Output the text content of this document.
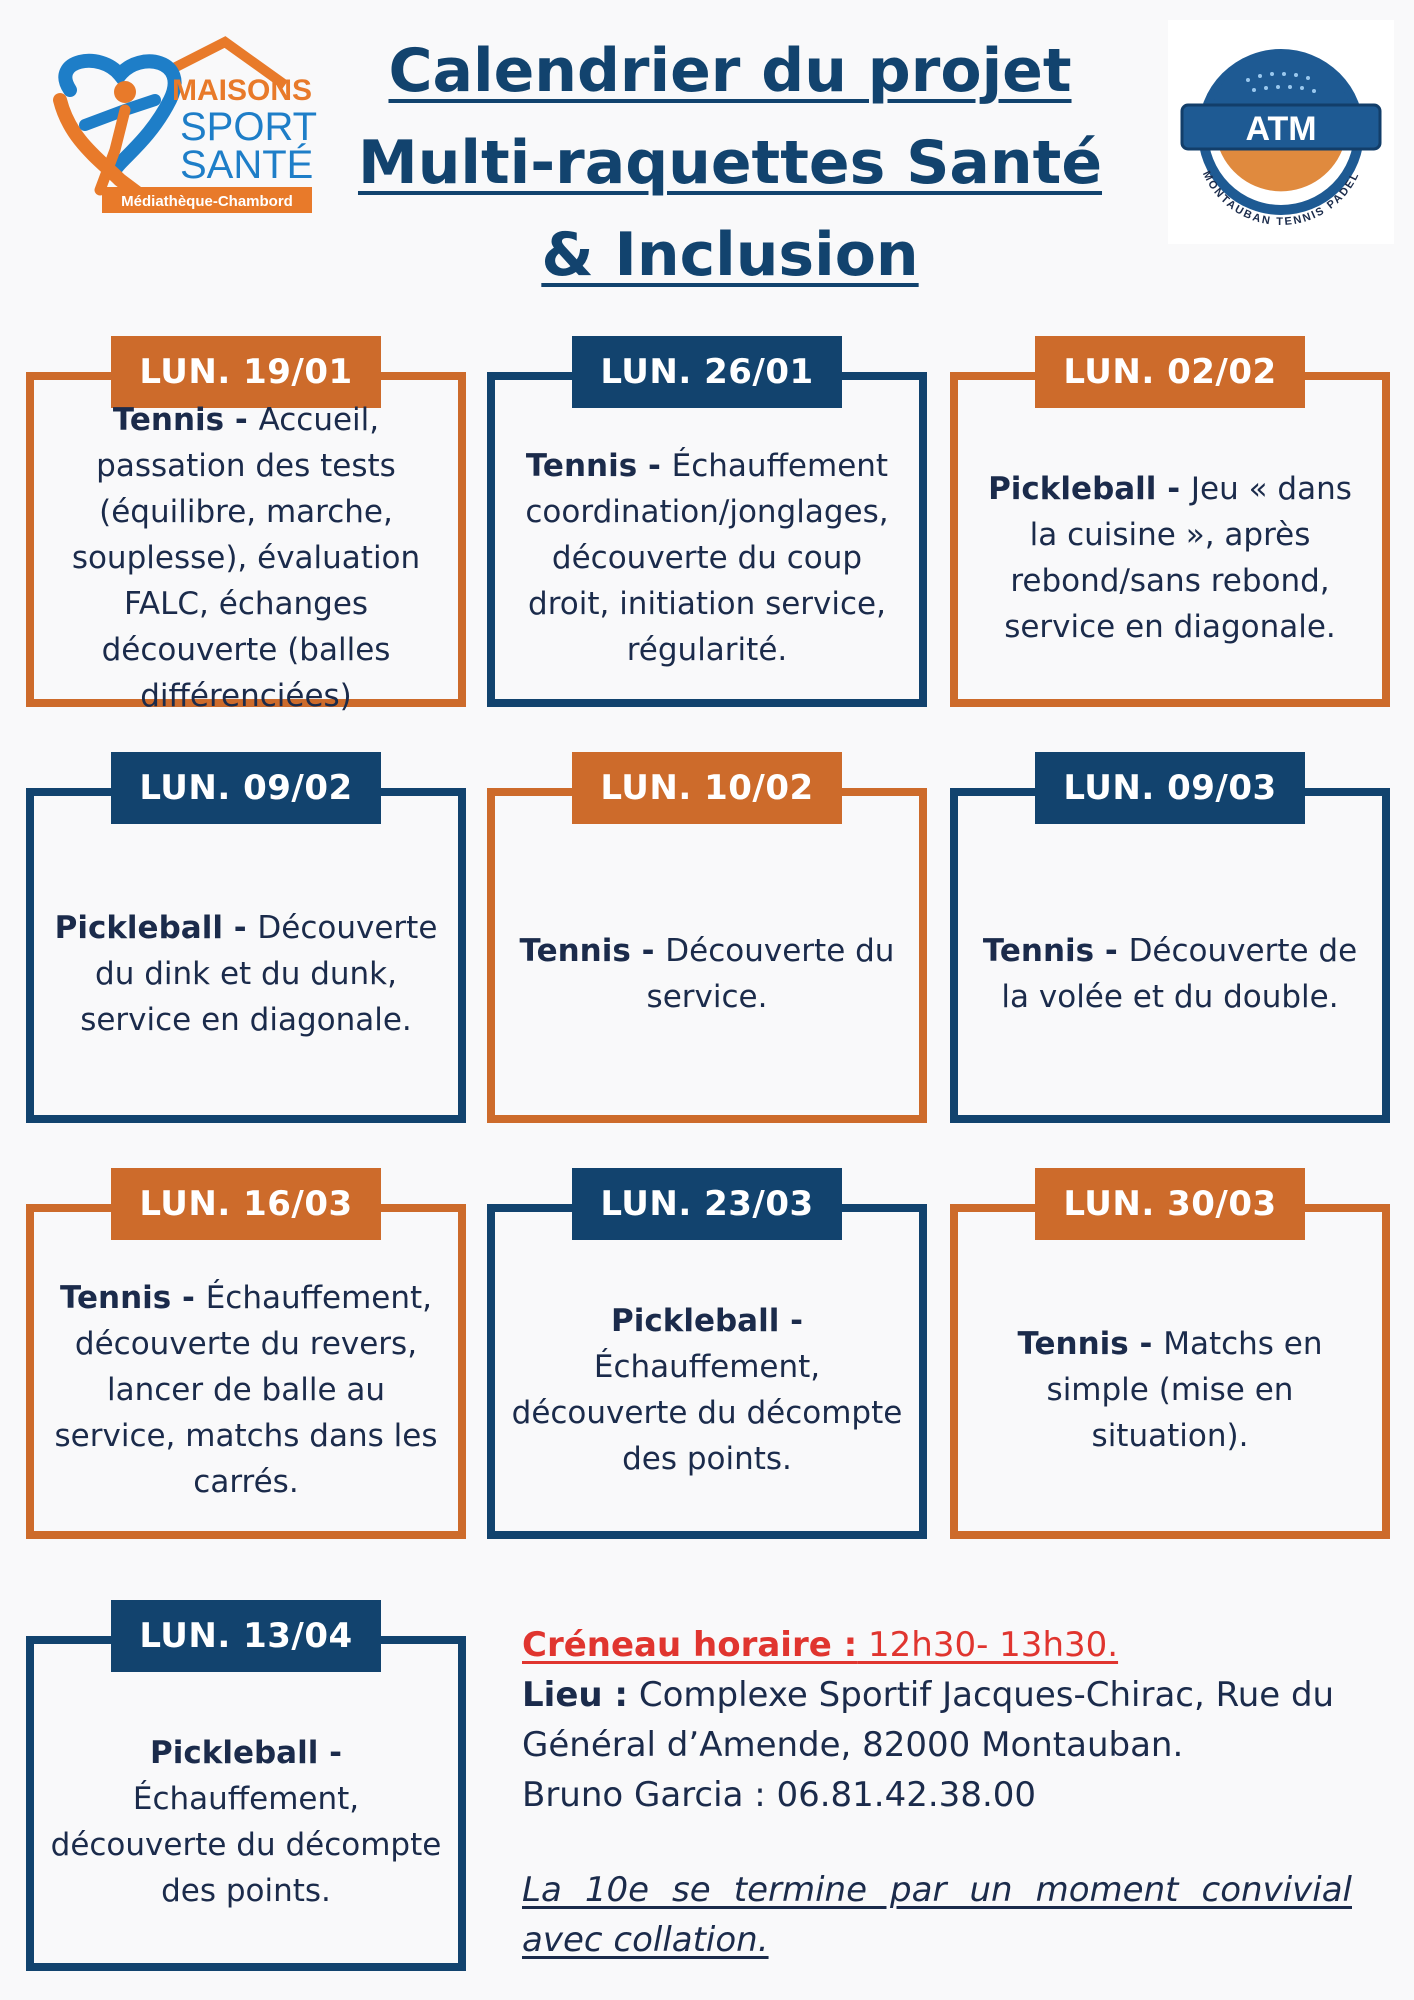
MAISONS
SPORT
SANTÉ
Médiathèque-Chambord
Calendrier du projet Multi-raquettes Santé & Inclusion
ATM
MONTAUBAN TENNIS PADEL
LUN. 19/01
Tennis - Accueil, passation des tests (équilibre, marche, souplesse), évaluation FALC, échanges découverte (balles différenciées)
LUN. 26/01
Tennis - Échauffement coordination/jonglages, découverte du coup droit, initiation service, régularité.
LUN. 02/02
Pickleball - Jeu « dans la cuisine », après rebond/sans rebond, service en diagonale.
LUN. 09/02
Pickleball - Découverte du dink et du dunk, service en diagonale.
LUN. 10/02
Tennis - Découverte du service.
LUN. 09/03
Tennis - Découverte de la volée et du double.
LUN. 16/03
Tennis - Échauffement, découverte du revers, lancer de balle au service, matchs dans les carrés.
LUN. 23/03
Pickleball -
Échauffement, découverte du décompte des points.
LUN. 30/03
Tennis - Matchs en simple (mise en situation).
LUN. 13/04
Pickleball -
Échauffement, découverte du décompte des points.
Créneau horaire : 12h30- 13h30.
Lieu : Complexe Sportif Jacques-Chirac, Rue du Général d’Amende, 82000 Montauban.
Bruno Garcia : 06.81.42.38.00
La 10e se termine par un moment convivial avec collation.
